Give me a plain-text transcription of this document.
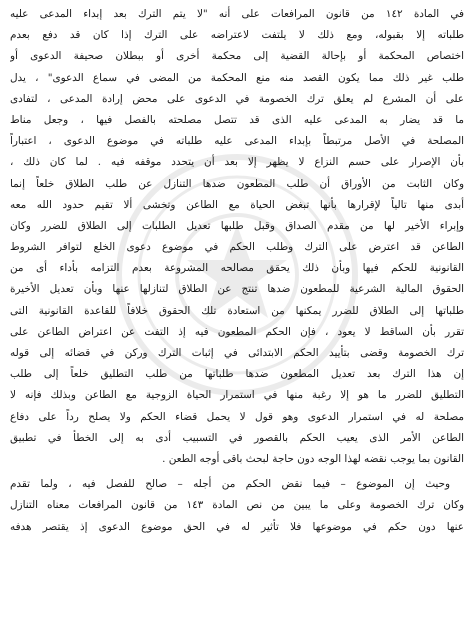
في المادة ١٤٢ من قانون المرافعات على أنه "لا يتم الترك بعد إبداء المدعى عليه
طلباته إلا بقبوله، ومع ذلك لا يلتفت لاعتراضه على الترك إذا كان قد دفع بعدم
اختصاص المحكمة أو بإحالة القضية إلى محكمة أخرى أو ببطلان صحيفة الدعوى أو
طلب غير ذلك مما يكون القصد منه منع المحكمة من المضى في سماع الدعوى" ، يدل
على أن المشرع لم يعلق ترك الخصومة في الدعوى على محض إرادة المدعى ، لتفادى
ما قد يضار به المدعى عليه الذى قد تتصل مصلحته بالفصل فيها ، وجعل مناط
المصلحة في الأصل مرتبطاً بإبداء المدعى عليه طلباته في موضوع الدعوى ، اعتباراً
بأن الإصرار على حسم النزاع لا يظهر إلا بعد أن يتحدد موقفه فيه . لما كان ذلك ،
وكان الثابت من الأوراق أن طلب المطعون ضدها التنازل عن طلب الطلاق خلعاً إنما
أبدى منها تالياً لإقرارها بأنها تبغض الحياة مع الطاعن وتخشى ألا تقيم حدود الله معه
وإبراء الأخير لها من مقدم الصداق وقبل طلبها تعديل الطلبات إلى الطلاق للضرر وكان
الطاعن قد اعترض على الترك وطلب الحكم في موضوع دعوى الخلع لتوافر الشروط
القانونية للحكم فيها وبأن ذلك يحقق مصالحه المشروعة بعدم التزامه بأداء أى من
الحقوق المالية الشرعية للمطعون ضدها تنتج عن الطلاق لتنازلها عنها وبأن تعديل الأخيرة
طلباتها إلى الطلاق للضرر يمكنها من استعادة تلك الحقوق خلافاً للقاعدة القانونية التى
تقرر بأن الساقط لا يعود ، فإن الحكم المطعون فيه إذ التفت عن اعتراض الطاعن على
ترك الخصومة وقضى بتأييد الحكم الابتدائى في إثبات الترك وركن في قضائه إلى قوله
إن هذا الترك بعد تعديل المطعون ضدها طلباتها من طلب التطليق خلعاً إلى طلب
التطليق للضرر ما هو إلا رغبة منها في استمرار الحياة الزوجية مع الطاعن وبذلك فإنه لا
مصلحة له في استمرار الدعوى وهو قول لا يحمل قضاء الحكم ولا يصلح رداً على دفاع
الطاعن الأمر الذى يعيب الحكم بالقصور في التسبيب أدى به إلى الخطأ في تطبيق
القانون بما يوجب نقضه لهذا الوجه دون حاجة لبحث باقى أوجه الطعن .
وحيث إن الموضوع – فيما نقض الحكم من أجله – صالح للفصل فيه ، ولما تقدم
وكان ترك الخصومة وعلى ما يبين من نص المادة ١٤٣ من قانون المرافعات معناه التنازل
عنها دون حكم في موضوعها فلا تأثير له في الحق موضوع الدعوى إذ يقتصر هدفه
